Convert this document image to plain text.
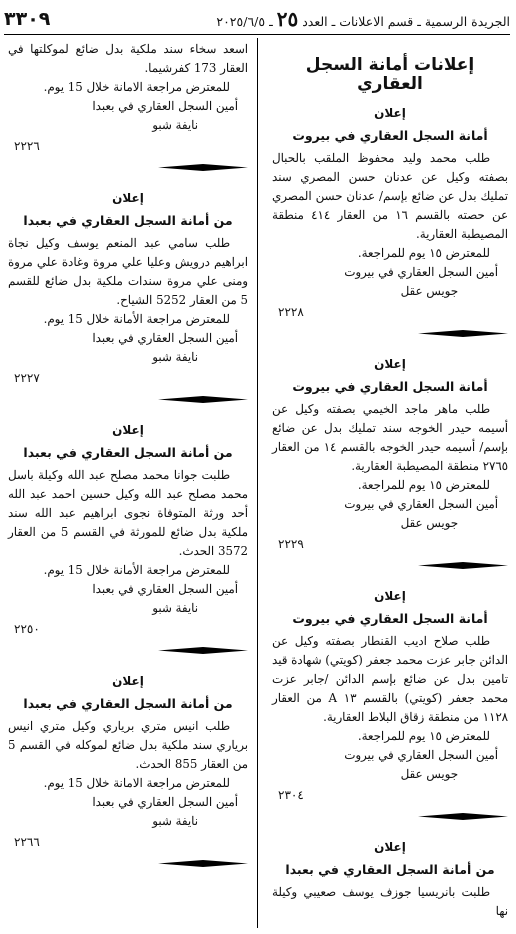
الجريدة الرسمية ـ قسم الاعلانات ـ العدد ٢٥ ـ ٢٠٢٥/٦/٥
٣٣٠٩
إعلانات أمانة السجل العقاري
إعلان
أمانة السجل العقاري في بيروت

طلب محمد وليد محفوظ الملقب بالحبال بصفته وكيل عن عدنان حسن المصري سند تمليك بدل عن ضائع بإسم/ عدنان حسن المصري عن حصته بالقسم ١٦ من العقار ٤١٤ منطقة المصيطبة العقارية.

للمعترض ١٥ يوم للمراجعة.

أمين السجل العقاري في بيروت

جويس عقل

٢٢٢٨
إعلان
أمانة السجل العقاري في بيروت

طلب ماهر ماجد الخيمي بصفته وكيل عن أسيمه حيدر الخوجه سند تمليك بدل عن ضائع بإسم/ أسيمه حيدر الخوجه بالقسم ١٤ من العقار ٢٧٦٥ منطقة المصيطبة العقارية.

للمعترض ١٥ يوم للمراجعة.

أمين السجل العقاري في بيروت

جويس عقل

٢٢٢٩
إعلان
أمانة السجل العقاري في بيروت

طلب صلاح اديب القنطار بصفته وكيل عن الدائن جابر عزت محمد جعفر (كويتي) شهادة قيد تامين بدل عن ضائع بإسم الدائن /جابر عزت محمد جعفر (كويتي) بالقسم ١٣ A من العقار ١١٢٨ من منطقة زقاق البلاط العقارية.

للمعترض ١٥ يوم للمراجعة.

أمين السجل العقاري في بيروت

جويس عقل

٢٣٠٤
إعلان
من أمانة السجل العقاري في بعبدا

طلبت بانريسيا جوزف يوسف صعيبي وكيلة نها

اسعد سخاء سند ملكية بدل ضائع لموكلتها في العقار 173 كفرشيما.

للمعترض مراجعة الامانة خلال 15 يوم.

أمين السجل العقاري في بعبدا

نايفة شبو

٢٢٢٦
إعلان
من أمانة السجل العقاري في بعبدا

طلب سامي عبد المنعم يوسف وكيل نجاة ابراهيم درويش وعليا علي مروة وغادة علي مروة ومنى علي مروة سندات ملكية بدل ضائع للقسم 5 من العقار 5252 الشياح.

للمعترض مراجعة الأمانة خلال 15 يوم.

أمين السجل العقاري في بعبدا

نايفة شبو

٢٢٢٧
إعلان
من أمانة السجل العقاري في بعبدا

طلبت جوانا محمد مصلح عبد الله وكيلة باسل محمد مصلح عبد الله وكيل حسين احمد عبد الله أحد ورثة المتوفاة نجوى ابراهيم عبد الله سند ملكية بدل ضائع للمورثة في القسم 5 من العقار 3572 الحدث.

للمعترض مراجعة الأمانة خلال 15 يوم.

أمين السجل العقاري في بعبدا

نايفة شبو

٢٢٥٠
إعلان
من أمانة السجل العقاري في بعبدا

طلب انيس متري برياري وكيل متري انيس برياري سند ملكية بدل ضائع لموكله في القسم 5 من العقار 855 الحدث.

للمعترض مراجعة الامانة خلال 15 يوم.

أمين السجل العقاري في بعبدا

نايفة شبو

٢٢٦٦
